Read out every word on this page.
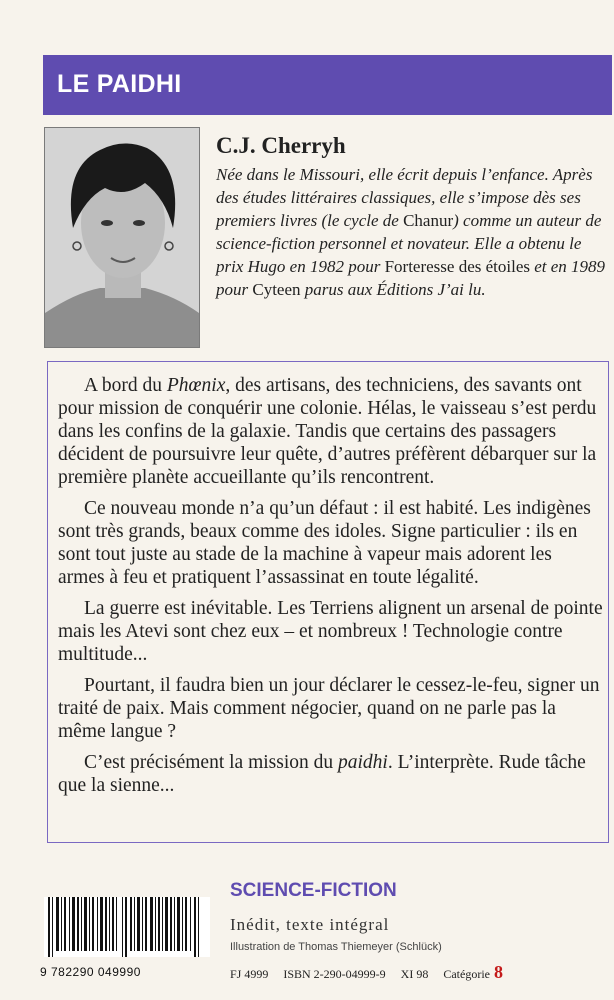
LE PAIDHI
C.J. Cherryh
Née dans le Missouri, elle écrit depuis l’enfance. Après des études littéraires classiques, elle s’impose dès ses premiers livres (le cycle de Chanur) comme un auteur de science-fiction personnel et novateur. Elle a obtenu le prix Hugo en 1982 pour Forteresse des étoiles et en 1989 pour Cyteen parus aux Éditions J’ai lu.

A bord du Phœnix, des artisans, des techniciens, des savants ont pour mission de conquérir une colonie. Hélas, le vaisseau s’est perdu dans les confins de la galaxie. Tandis que certains des passagers décident de poursuivre leur quête, d’autres préfèrent débarquer sur la première planète accueillante qu’ils rencontrent.

Ce nouveau monde n’a qu’un défaut : il est habité. Les indigènes sont très grands, beaux comme des idoles. Signe particulier : ils en sont tout juste au stade de la machine à vapeur mais adorent les armes à feu et pratiquent l’assassinat en toute légalité.

La guerre est inévitable. Les Terriens alignent un arsenal de pointe mais les Atevi sont chez eux – et nombreux ! Technologie contre multitude...

Pourtant, il faudra bien un jour déclarer le cessez-le-feu, signer un traité de paix. Mais comment négocier, quand on ne parle pas la même langue ?

C’est précisément la mission du paidhi. L’interprète. Rude tâche que la sienne...

9 782290 049990
SCIENCE-FICTION
Inédit, texte intégral
Illustration de Thomas Thiemeyer (Schlück)
FJ 4999 ISBN 2-290-04999-9 XI 98 Catégorie 8
